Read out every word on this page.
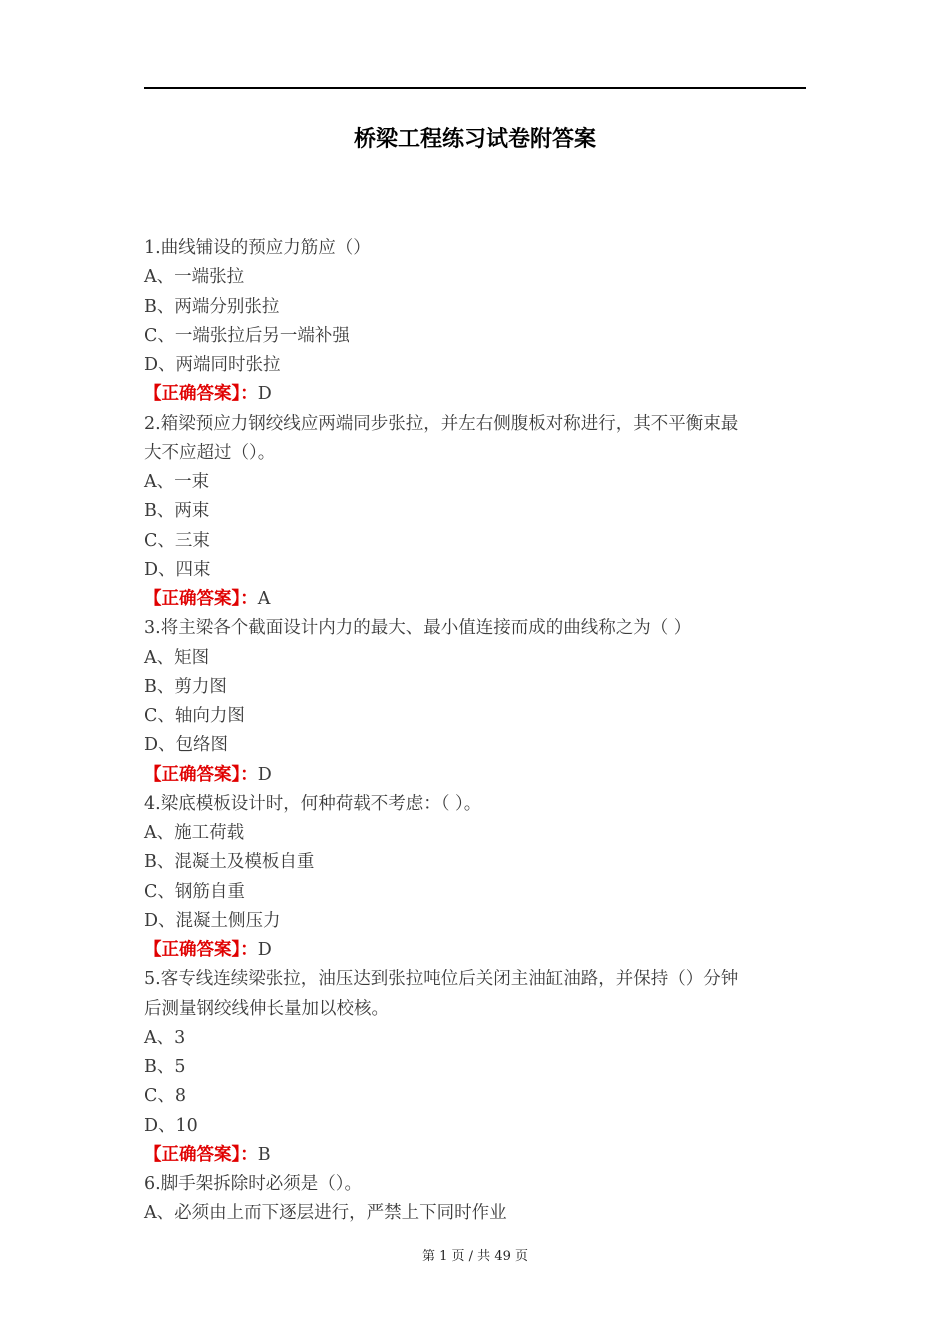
桥梁工程练习试卷附答案
1.曲线铺设的预应力筋应（）
A、一端张拉
B、两端分别张拉
C、一端张拉后另一端补强
D、两端同时张拉
【正确答案】：D
2.箱梁预应力钢绞线应两端同步张拉，并左右侧腹板对称进行，其不平衡束最
大不应超过（）。
A、一束
B、两束
C、三束
D、四束
【正确答案】：A
3.将主梁各个截面设计内力的最大、最小值连接而成的曲线称之为（ ）
A、矩图
B、剪力图
C、轴向力图
D、包络图
【正确答案】：D
4.梁底模板设计时，何种荷载不考虑：（ ）。
A、施工荷载
B、混凝土及模板自重
C、钢筋自重
D、混凝土侧压力
【正确答案】：D
5.客专线连续梁张拉，油压达到张拉吨位后关闭主油缸油路，并保持（）分钟
后测量钢绞线伸长量加以校核。
A、3
B、5
C、8
D、10
【正确答案】：B
6.脚手架拆除时必须是（）。
A、必须由上而下逐层进行，严禁上下同时作业
第 1 页 / 共 49 页
